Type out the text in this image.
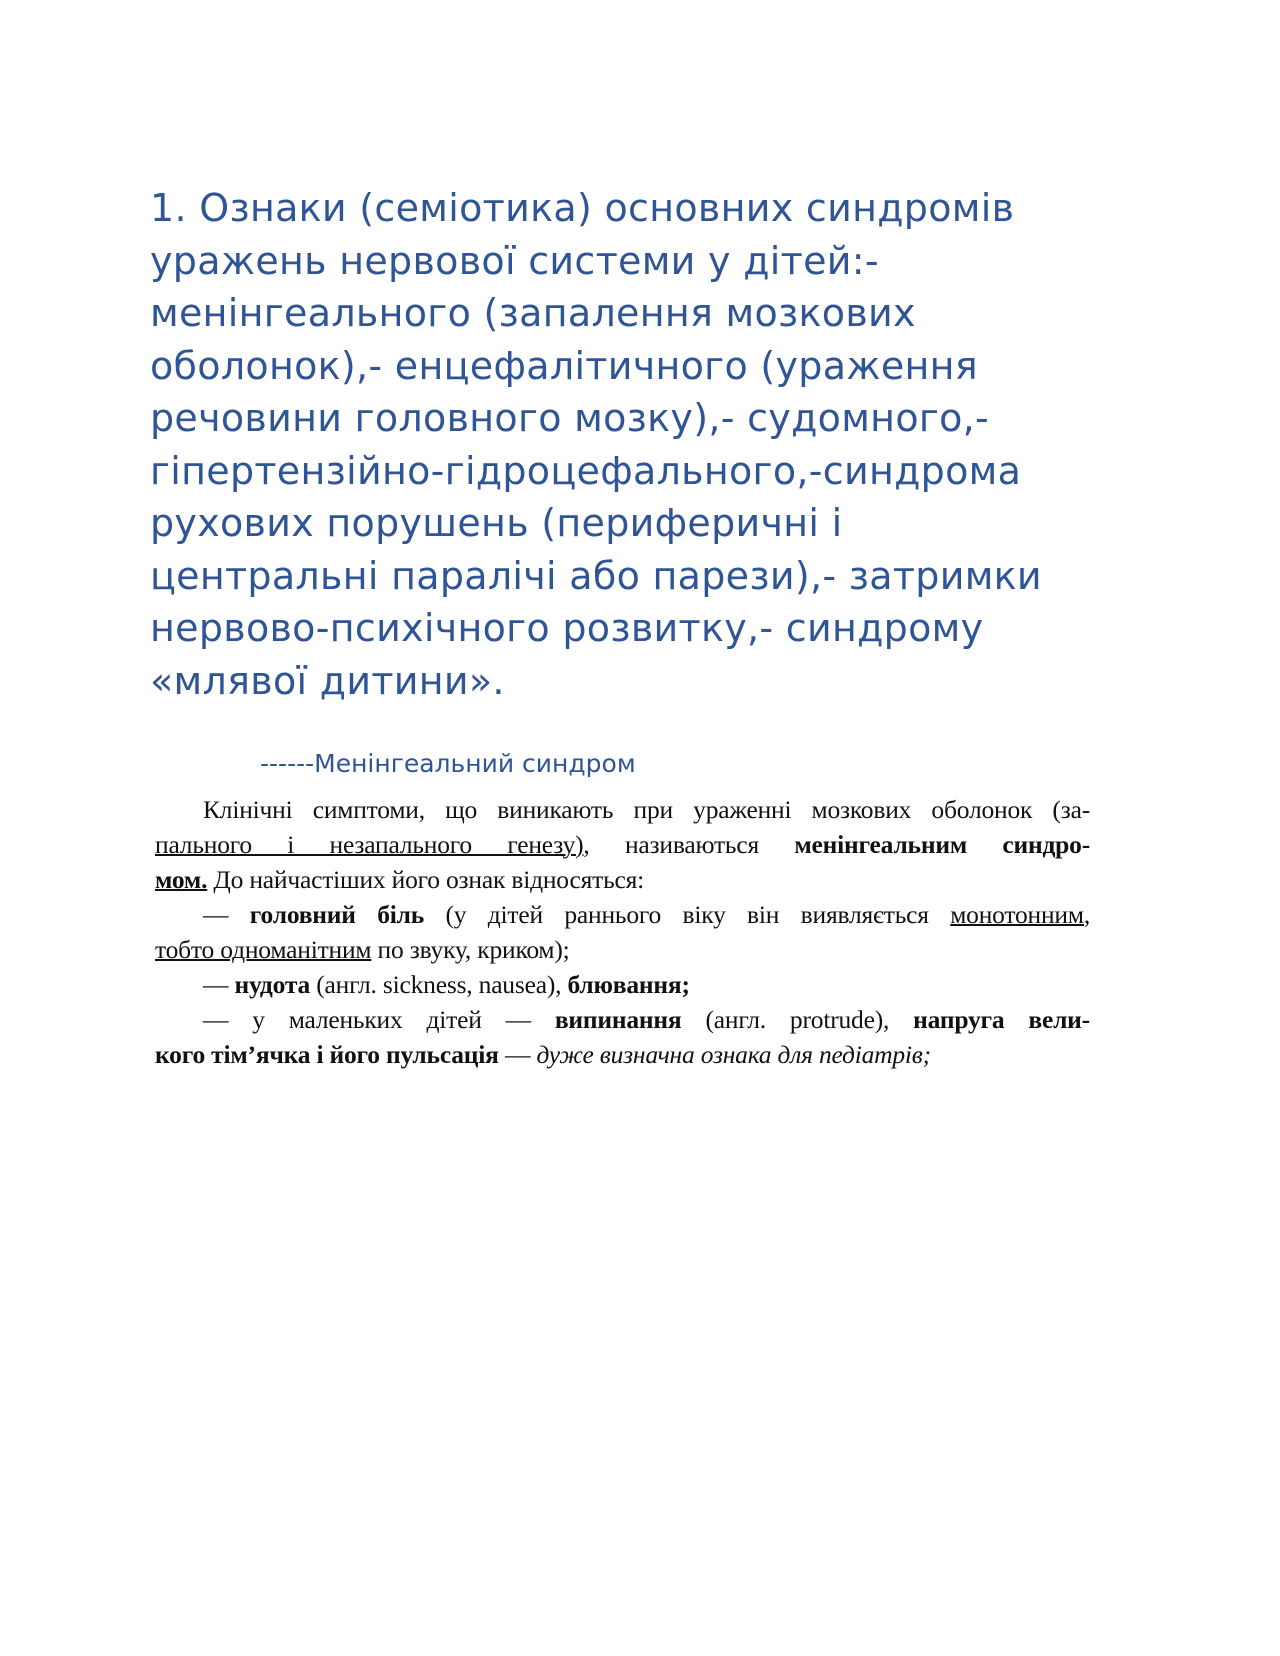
1. Ознаки (семіотика) основних синдромів
уражень нервової системи у дітей:-
менінгеального (запалення мозкових
оболонок),- енцефалітичного (ураження
речовини головного мозку),- судомного,-
гіпертензійно-гідроцефального,-синдрома
рухових порушень (периферичні і
центральні паралічі або парези),- затримки
нервово-психічного розвитку,- синдрому
«млявої дитини».
------Менінгеальний синдром
Клінічні симптоми, що виникають при ураженні мозкових оболонок (за-
пального і незапального генезу), називаються менінгеальним синдро-
мом. До найчастіших його ознак відносяться:
— головний біль (у дітей раннього віку він виявляється монотонним,
тобто одноманітним по звуку, криком);
— нудота (англ. sickness, nausea), блювання;
— у маленьких дітей — випинання (англ. protrude), напруга вели-
кого тім’ячка і його пульсація — дуже визначна ознака для педіатрів;
